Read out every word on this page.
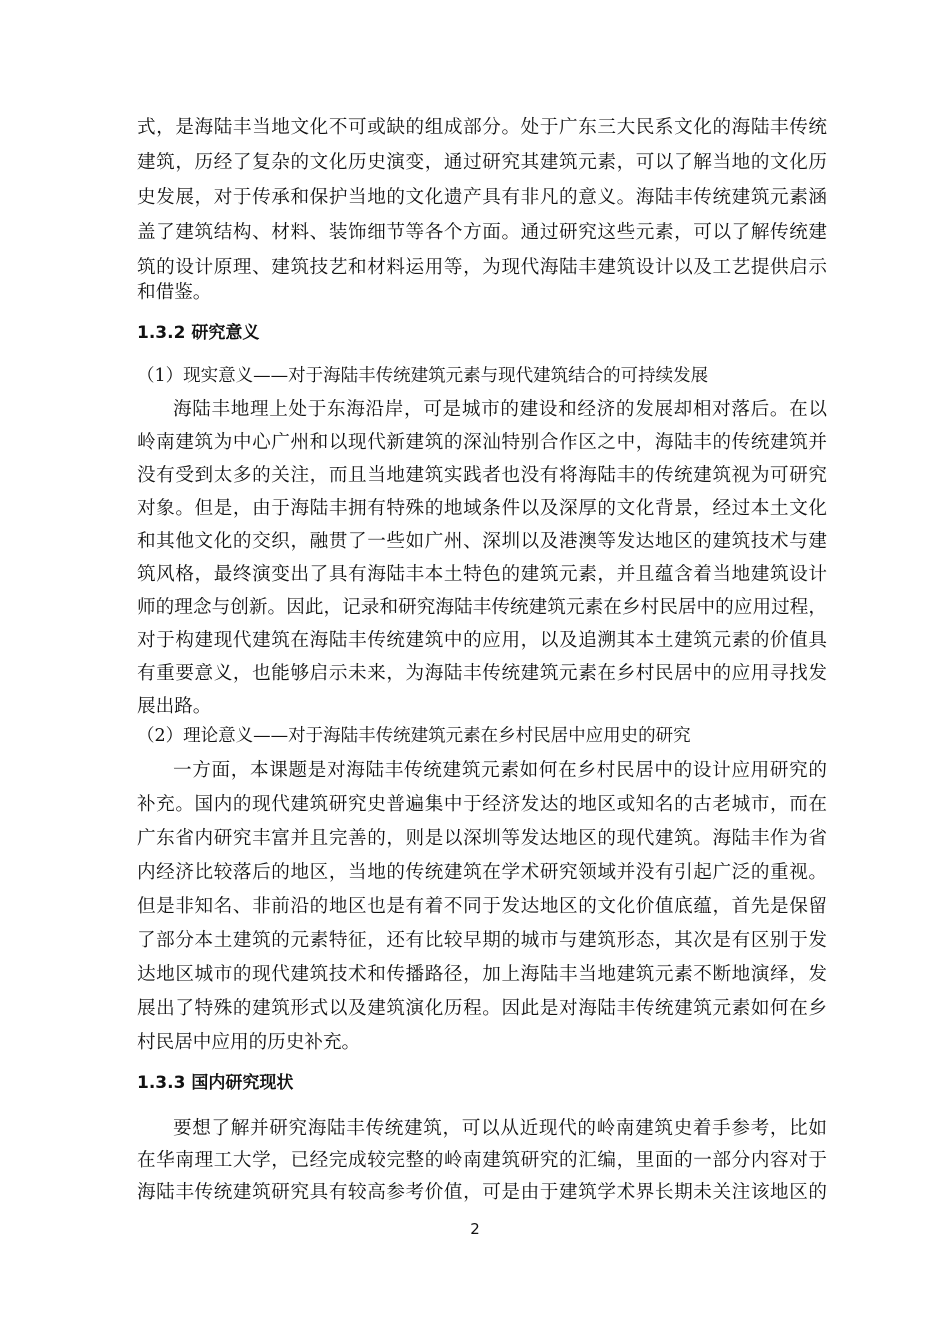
式，是海陆丰当地文化不可或缺的组成部分。处于广东三大民系文化的海陆丰传统
建筑，历经了复杂的文化历史演变，通过研究其建筑元素，可以了解当地的文化历
史发展，对于传承和保护当地的文化遗产具有非凡的意义。海陆丰传统建筑元素涵
盖了建筑结构、材料、装饰细节等各个方面。通过研究这些元素，可以了解传统建
筑的设计原理、建筑技艺和材料运用等，为现代海陆丰建筑设计以及工艺提供启示
和借鉴。
1.3.2 研究意义
（1）现实意义——对于海陆丰传统建筑元素与现代建筑结合的可持续发展
海陆丰地理上处于东海沿岸，可是城市的建设和经济的发展却相对落后。在以
岭南建筑为中心广州和以现代新建筑的深汕特别合作区之中，海陆丰的传统建筑并
没有受到太多的关注，而且当地建筑实践者也没有将海陆丰的传统建筑视为可研究
对象。但是，由于海陆丰拥有特殊的地域条件以及深厚的文化背景，经过本土文化
和其他文化的交织，融贯了一些如广州、深圳以及港澳等发达地区的建筑技术与建
筑风格，最终演变出了具有海陆丰本土特色的建筑元素，并且蕴含着当地建筑设计
师的理念与创新。因此，记录和研究海陆丰传统建筑元素在乡村民居中的应用过程，
对于构建现代建筑在海陆丰传统建筑中的应用，以及追溯其本土建筑元素的价值具
有重要意义，也能够启示未来，为海陆丰传统建筑元素在乡村民居中的应用寻找发
展出路。
（2）理论意义——对于海陆丰传统建筑元素在乡村民居中应用史的研究
一方面，本课题是对海陆丰传统建筑元素如何在乡村民居中的设计应用研究的
补充。国内的现代建筑研究史普遍集中于经济发达的地区或知名的古老城市，而在
广东省内研究丰富并且完善的，则是以深圳等发达地区的现代建筑。海陆丰作为省
内经济比较落后的地区，当地的传统建筑在学术研究领域并没有引起广泛的重视。
但是非知名、非前沿的地区也是有着不同于发达地区的文化价值底蕴，首先是保留
了部分本土建筑的元素特征，还有比较早期的城市与建筑形态，其次是有区别于发
达地区城市的现代建筑技术和传播路径，加上海陆丰当地建筑元素不断地演绎，发
展出了特殊的建筑形式以及建筑演化历程。因此是对海陆丰传统建筑元素如何在乡
村民居中应用的历史补充。
1.3.3 国内研究现状
要想了解并研究海陆丰传统建筑，可以从近现代的岭南建筑史着手参考，比如
在华南理工大学，已经完成较完整的岭南建筑研究的汇编，里面的一部分内容对于
海陆丰传统建筑研究具有较高参考价值，可是由于建筑学术界长期未关注该地区的
2
